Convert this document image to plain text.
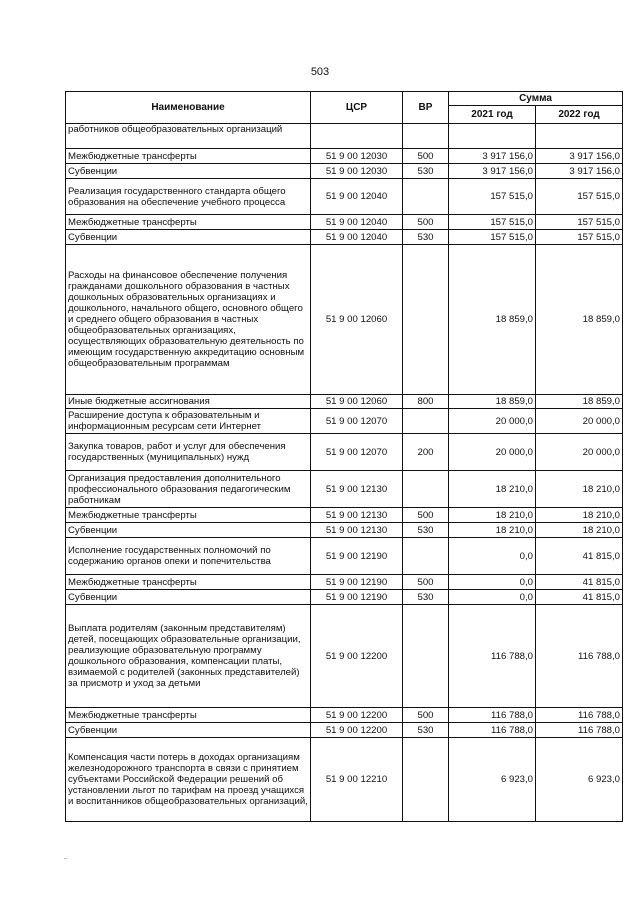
503
Наименование	ЦСР	ВР	Сумма	
			2021 год	2022 год
работников общеобразовательных организаций				
Межбюджетные трансферты	51 9 00 12030	500	3 917 156,0	3 917 156,0
Субвенции	51 9 00 12030	530	3 917 156,0	3 917 156,0
Реализация государственного стандарта общего образования на обеспечение учебного процесса	51 9 00 12040		157 515,0	157 515,0
Межбюджетные трансферты	51 9 00 12040	500	157 515,0	157 515,0
Субвенции	51 9 00 12040	530	157 515,0	157 515,0
Расходы на финансовое обеспечение получения гражданами дошкольного образования в частных дошкольных образовательных организациях и дошкольного, начального общего, основного общего и среднего общего образования в частных общеобразовательных организациях, осуществляющих образовательную деятельность по имеющим государственную аккредитацию основным общеобразовательным программам	51 9 00 12060		18 859,0	18 859,0
Иные бюджетные ассигнования	51 9 00 12060	800	18 859,0	18 859,0
Расширение доступа к образовательным и информационным ресурсам сети Интернет	51 9 00 12070		20 000,0	20 000,0
Закупка товаров, работ и услуг для обеспечения государственных (муниципальных) нужд	51 9 00 12070	200	20 000,0	20 000,0
Организация предоставления дополнительного профессионального образования педагогическим работникам	51 9 00 12130		18 210,0	18 210,0
Межбюджетные трансферты	51 9 00 12130	500	18 210,0	18 210,0
Субвенции	51 9 00 12130	530	18 210,0	18 210,0
Исполнение государственных полномочий по содержанию органов опеки и попечительства	51 9 00 12190		0,0	41 815,0
Межбюджетные трансферты	51 9 00 12190	500	0,0	41 815,0
Субвенции	51 9 00 12190	530	0,0	41 815,0
Выплата родителям (законным представителям) детей, посещающих образовательные организации, реализующие образовательную программу дошкольного образования, компенсации платы, взимаемой с родителей (законных представителей) за присмотр и уход за детьми	51 9 00 12200		116 788,0	116 788,0
Межбюджетные трансферты	51 9 00 12200	500	116 788,0	116 788,0
Субвенции	51 9 00 12200	530	116 788,0	116 788,0
Компенсация части потерь в доходах организациям железнодорожного транспорта в связи с принятием субъектами Российской Федерации решений об установлении льгот по тарифам на проезд учащихся и воспитанников общеобразовательных организаций,	51 9 00 12210		6 923,0	6 923,0
